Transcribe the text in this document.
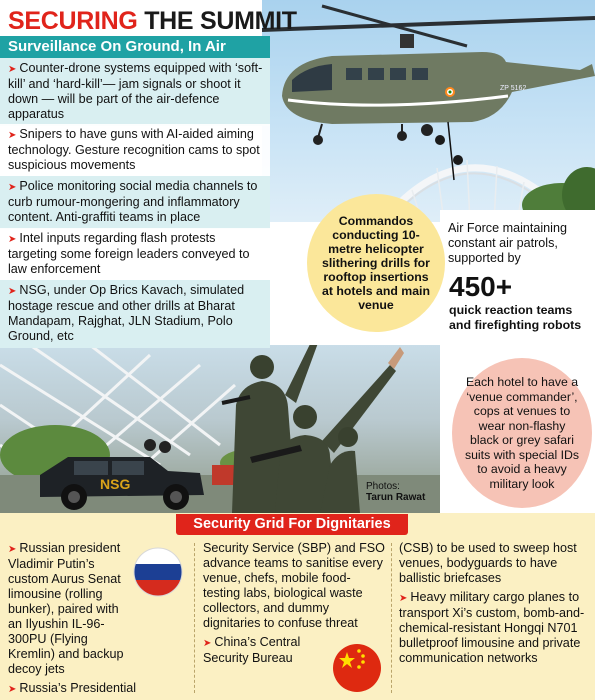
ZP 5162
NSG
SECURING THE SUMMIT
Surveillance On Ground, In Air
➤ Counter-drone systems equipped with ‘soft-kill’ and ‘hard-kill’— jam signals or shoot it down — will be part of the air-defence apparatus
➤ Snipers to have guns with AI-aided aiming technology. Gesture recognition cams to spot suspicious movements
➤ Police monitoring social media channels to curb rumour-mongering and inflammatory content. Anti-graffiti teams in place
➤ Intel inputs regarding flash protests targeting some foreign leaders conveyed to law enforcement
➤ NSG, under Op Brics Kavach, simulated hostage rescue and other drills at Bharat Mandapam, Rajghat, JLN Stadium, Polo Ground, etc
Commandos conducting 10-metre helicopter slithering drills for rooftop insertions at hotels and main venue
Air Force maintaining constant air patrols, supported by
450+
quick reaction teams and firefighting robots
Each hotel to have a ‘venue commander’, cops at venues to wear non-flashy black or grey safari suits with special IDs to avoid a heavy military look
Photos:
Tarun Rawat
Security Grid For Dignitaries
➤ Russian president Vladimir Putin’s custom Aurus Senat limousine (rolling bunker), paired with an Ilyushin IL-96-300PU (Flying Kremlin) and backup decoy jets
➤ Russia’s Presidential
Security Service (SBP) and FSO advance teams to sanitise every venue, chefs, mobile food-testing labs, biological waste collectors, and dummy dignitaries to confuse threat
➤ China’s Central Security Bureau
(CSB) to be used to sweep host venues, bodyguards to have ballistic briefcases
➤ Heavy military cargo planes to transport Xi’s custom, bomb-and-chemical-resistant Hongqi N701 bulletproof limousine and private communication networks
